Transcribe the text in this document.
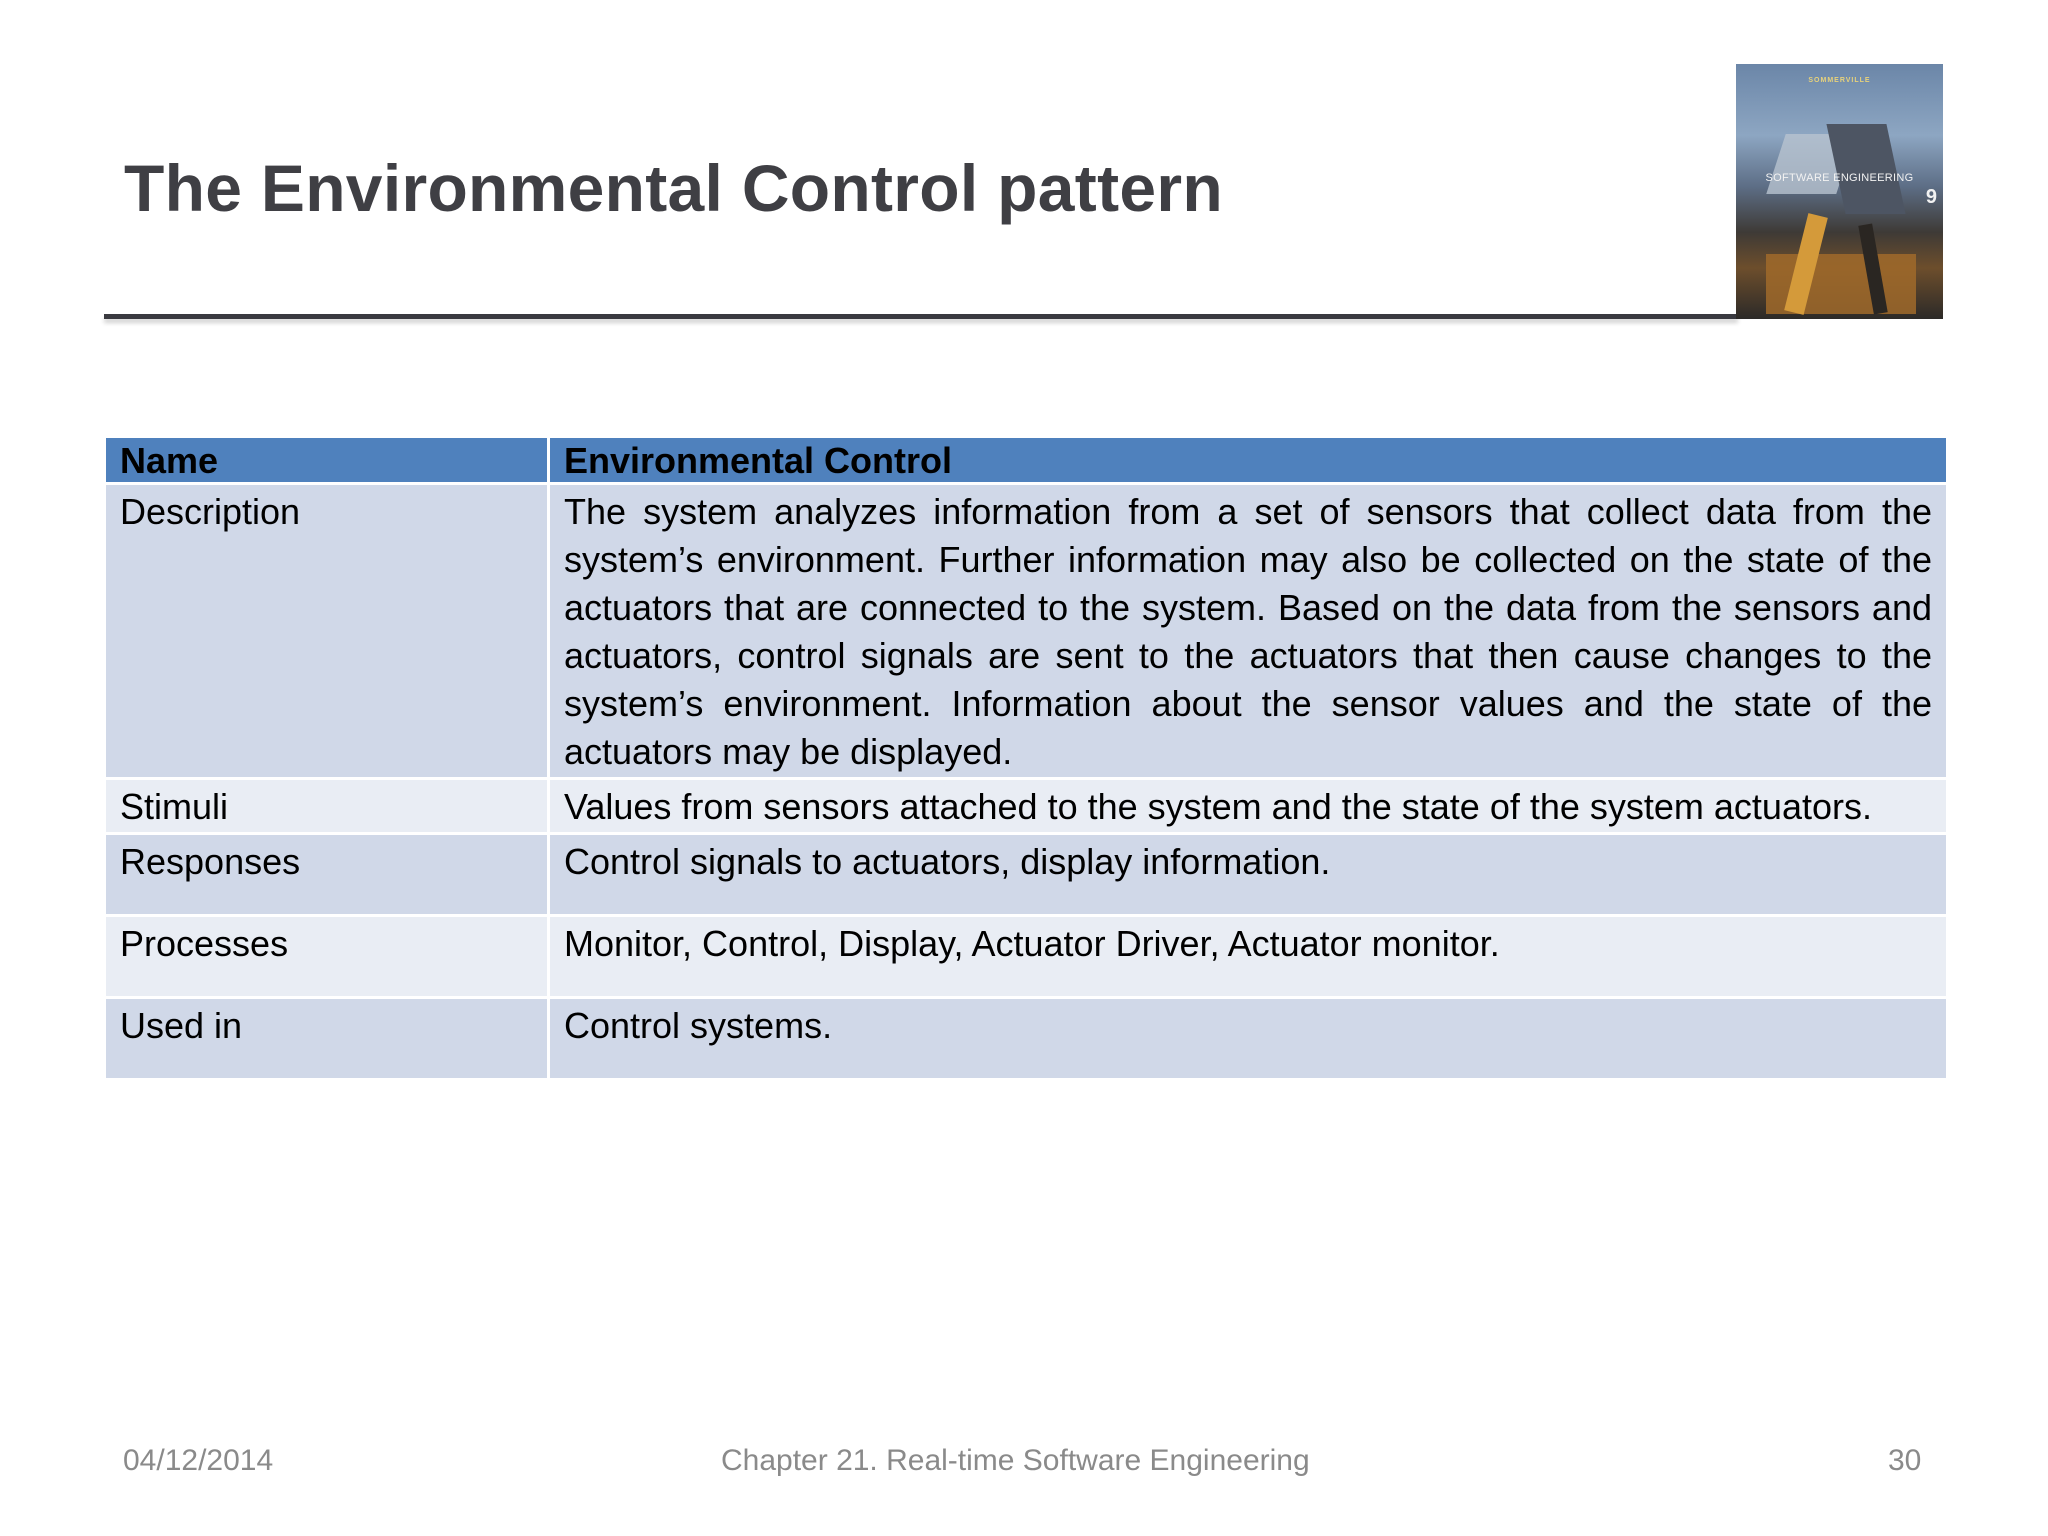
The Environmental Control pattern
SOMMERVILLE
SOFTWARE ENGINEERING
9
Name	Environmental Control
Description	The system analyzes information from a set of sensors that collect data from the system’s environment. Further information may also be collected on the state of the actuators that are connected to the system. Based on the data from the sensors and actuators, control signals are sent to the actuators that then cause changes to the system’s environment. Information about the sensor values and the state of the actuators may be displayed.
Stimuli	Values from sensors attached to the system and the state of the system actuators.
Responses	Control signals to actuators, display information.
Processes	Monitor, Control, Display, Actuator Driver, Actuator monitor.
Used in	Control systems.
04/12/2014	Chapter 21. Real-time Software Engineering	30
